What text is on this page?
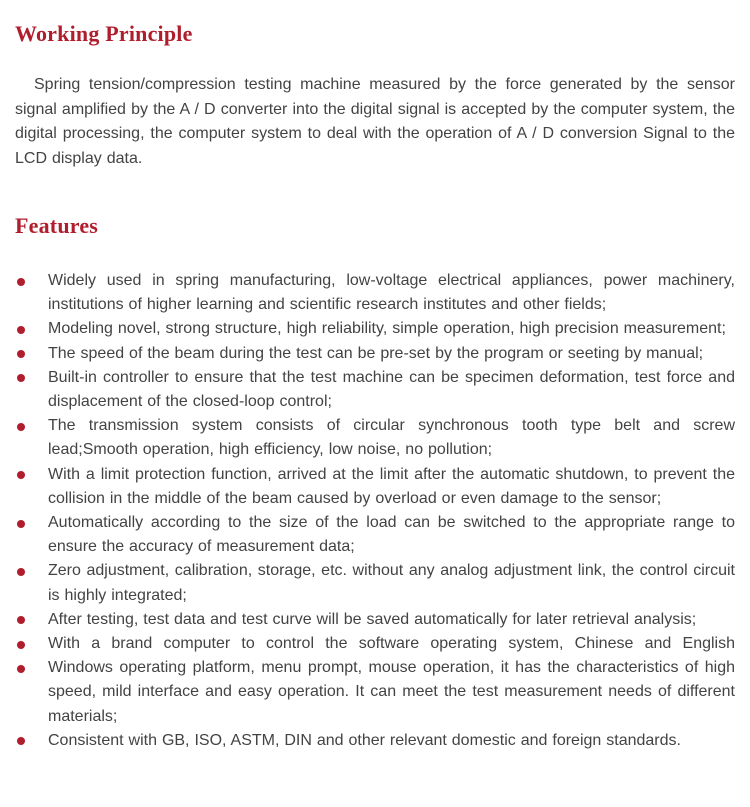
Working Principle

Spring tension/compression testing machine measured by the force generated by the sensor signal amplified by the A / D converter into the digital signal is accepted by the computer system, the digital processing, the computer system to deal with the operation of A / D conversion Signal to the LCD display data.

Features
Widely used in spring manufacturing, low-voltage electrical appliances, power machinery, institutions of higher learning and scientific research institutes and other fields;
Modeling novel, strong structure, high reliability, simple operation, high precision measurement;
The speed of the beam during the test can be pre-set by the program or seeting by manual;
Built-in controller to ensure that the test machine can be specimen deformation, test force and displacement of the closed-loop control;
The transmission system consists of circular synchronous tooth type belt and screw lead;Smooth operation, high efficiency, low noise, no pollution;
With a limit protection function, arrived at the limit after the automatic shutdown, to prevent the collision in the middle of the beam caused by overload or even damage to the sensor;
Automatically according to the size of the load can be switched to the appropriate range to ensure the accuracy of measurement data;
Zero adjustment, calibration, storage, etc. without any analog adjustment link, the control circuit is highly integrated;
After testing, test data and test curve will be saved automatically for later retrieval analysis;
With a brand computer to control the software operating system, Chinese and English
Windows operating platform, menu prompt, mouse operation, it has the characteristics of high speed, mild interface and easy operation. It can meet the test measurement needs of different materials;
Consistent with GB, ISO, ASTM, DIN and other relevant domestic and foreign standards.
